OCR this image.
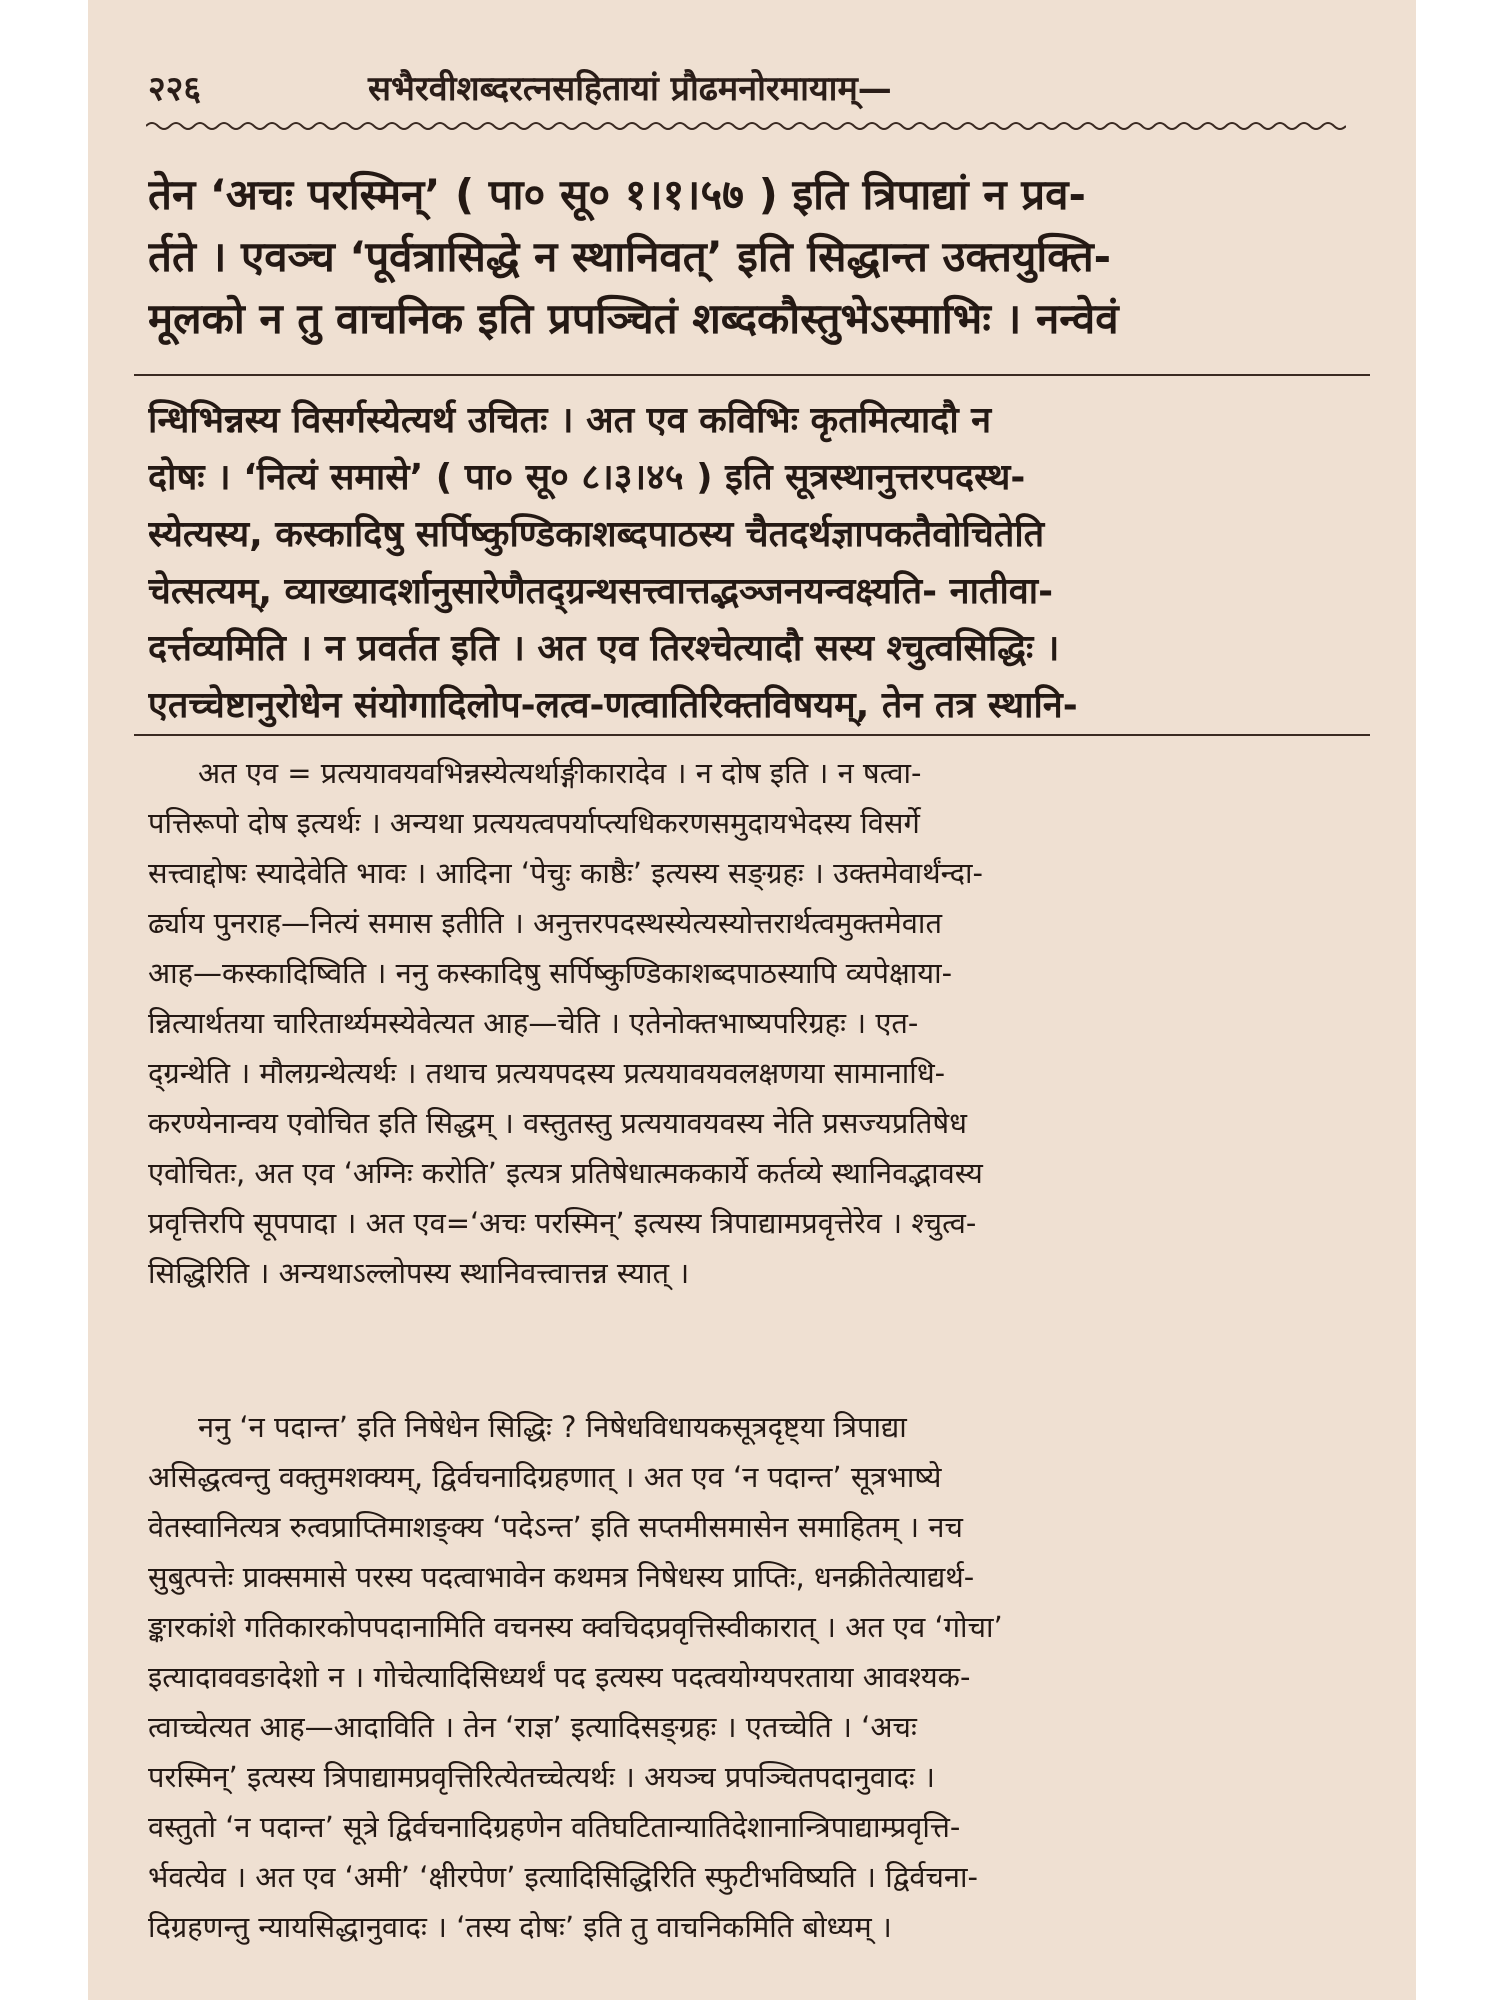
२२६	सभैरवीशब्दरत्नसहितायां प्रौढमनोरमायाम्—
तेन ‘अचः परस्मिन्’ ( पा० सू० १।१।५७ ) इति त्रिपाद्यां न प्रव-
र्तते । एवञ्च ‘पूर्वत्रासिद्धे न स्थानिवत्’ इति सिद्धान्त उक्तयुक्ति-
मूलको न तु वाचनिक इति प्रपञ्चितं शब्दकौस्तुभेऽस्माभिः । नन्वेवं
न्धिभिन्नस्य विसर्गस्येत्यर्थ उचितः । अत एव कविभिः कृतमित्यादौ न
दोषः । ‘नित्यं समासे’ ( पा० सू० ८।३।४५ ) इति सूत्रस्थानुत्तरपदस्थ-
स्येत्यस्य, कस्कादिषु सर्पिष्कुण्डिकाशब्दपाठस्य चैतदर्थज्ञापकतैवोचितेति
चेत्सत्यम्, व्याख्यादर्शानुसारेणैतद्ग्रन्थसत्त्वात्तद्भञ्जनयन्वक्ष्यति- नातीवा-
दर्त्तव्यमिति । न प्रवर्तत इति । अत एव तिरश्चेत्यादौ सस्य श्चुत्वसिद्धिः ।
एतच्चेष्टानुरोधेन संयोगादिलोप-लत्व-णत्वातिरिक्तविषयम्, तेन तत्र स्थानि-
अत एव = प्रत्ययावयवभिन्नस्येत्यर्थाङ्गीकारादेव । न दोष इति । न षत्वा-
पत्तिरूपो दोष इत्यर्थः । अन्यथा प्रत्ययत्वपर्याप्त्यधिकरणसमुदायभेदस्य विसर्गे
सत्त्वाद्दोषः स्यादेवेति भावः । आदिना ‘पेचुः काष्ठैः’ इत्यस्य सङ्ग्रहः । उक्तमेवार्थंन्दा-
र्ढ्याय पुनराह—नित्यं समास इतीति । अनुत्तरपदस्थस्येत्यस्योत्तरार्थत्वमुक्तमेवात
आह—कस्कादिष्विति । ननु कस्कादिषु सर्पिष्कुण्डिकाशब्दपाठस्यापि व्यपेक्षाया-
न्नित्यार्थतया चारितार्थ्यमस्येवेत्यत आह—चेति । एतेनोक्तभाष्यपरिग्रहः । एत-
द्ग्रन्थेति । मौलग्रन्थेत्यर्थः । तथाच प्रत्ययपदस्य प्रत्ययावयवलक्षणया सामानाधि-
करण्येनान्वय एवोचित इति सिद्धम् । वस्तुतस्तु प्रत्ययावयवस्य नेति प्रसज्यप्रतिषेध
एवोचितः, अत एव ‘अग्निः करोति’ इत्यत्र प्रतिषेधात्मककार्ये कर्तव्ये स्थानिवद्भावस्य
प्रवृत्तिरपि सूपपादा । अत एव=‘अचः परस्मिन्’ इत्यस्य त्रिपाद्यामप्रवृत्तेरेव । श्चुत्व-
सिद्धिरिति । अन्यथाऽल्लोपस्य स्थानिवत्त्वात्तन्न स्यात् ।
ननु ‘न पदान्त’ इति निषेधेन सिद्धिः ? निषेधविधायकसूत्रदृष्ट्या त्रिपाद्या
असिद्धत्वन्तु वक्तुमशक्यम्, द्विर्वचनादिग्रहणात् । अत एव ‘न पदान्त’ सूत्रभाष्ये
वेतस्वानित्यत्र रुत्वप्राप्तिमाशङ्क्य ‘पदेऽन्त’ इति सप्तमीसमासेन समाहितम् । नच
सुबुत्पत्तेः प्राक्समासे परस्य पदत्वाभावेन कथमत्र निषेधस्य प्राप्तिः, धनक्रीतेत्याद्यर्थ-
ङ्कारकांशे गतिकारकोपपदानामिति वचनस्य क्वचिदप्रवृत्तिस्वीकारात् । अत एव ‘गोचा’
इत्यादाववङादेशो न । गोचेत्यादिसिध्यर्थं पद इत्यस्य पदत्वयोग्यपरताया आवश्यक-
त्वाच्चेत्यत आह—आदाविति । तेन ‘राज्ञ’ इत्यादिसङ्ग्रहः । एतच्चेति । ‘अचः
परस्मिन्’ इत्यस्य त्रिपाद्यामप्रवृत्तिरित्येतच्चेत्यर्थः । अयञ्च प्रपञ्चितपदानुवादः ।
वस्तुतो ‘न पदान्त’ सूत्रे द्विर्वचनादिग्रहणेन वतिघटितान्यातिदेशानान्त्रिपाद्याम्प्रवृत्ति-
र्भवत्येव । अत एव ‘अमी’ ‘क्षीरपेण’ इत्यादिसिद्धिरिति स्फुटीभविष्यति । द्विर्वचना-
दिग्रहणन्तु न्यायसिद्धानुवादः । ‘तस्य दोषः’ इति तु वाचनिकमिति बोध्यम् ।
